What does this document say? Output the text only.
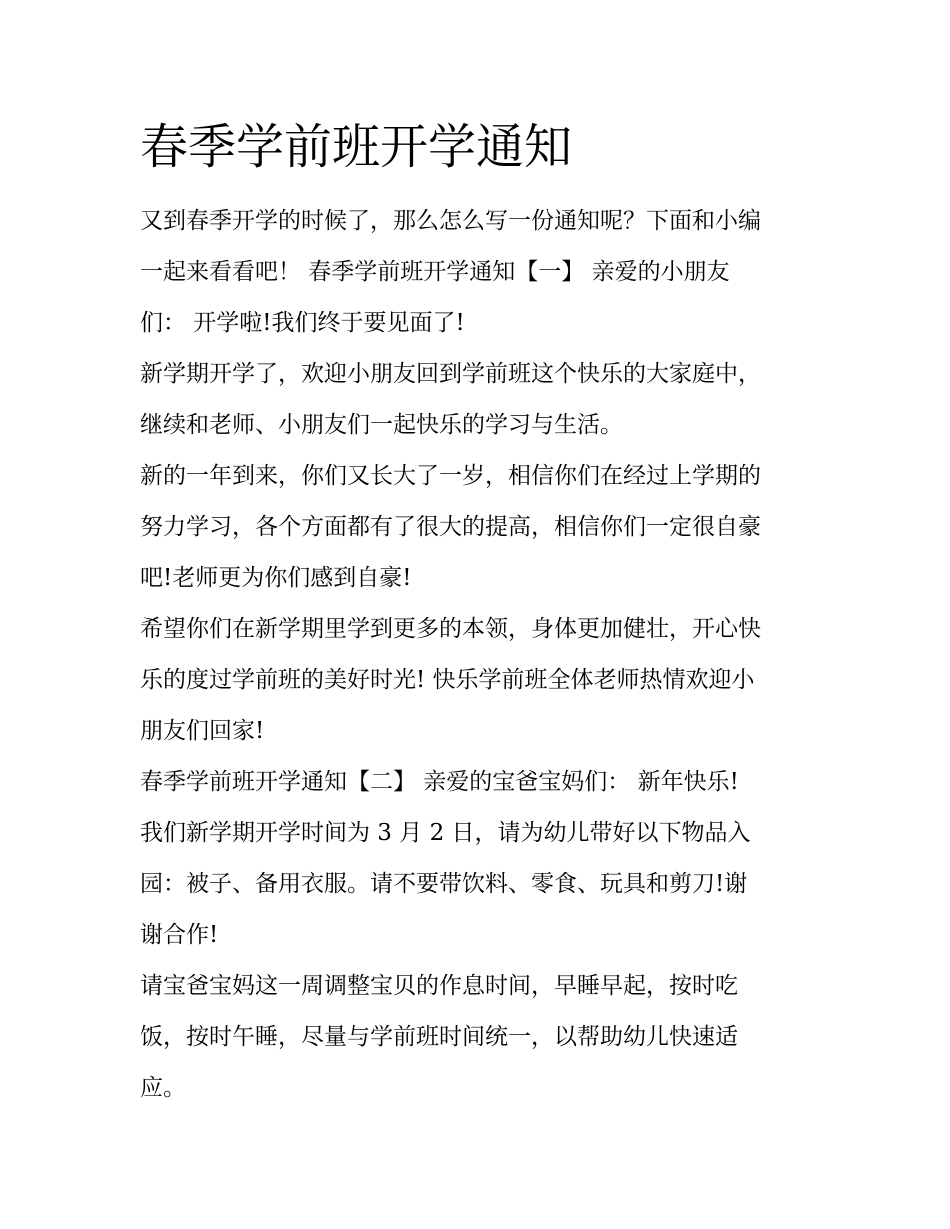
春季学前班开学通知

又到春季开学的时候了，那么怎么写一份通知呢？下面和小编

一起来看看吧！ 春季学前班开学通知【一】 亲爱的小朋友

们： 开学啦!我们终于要见面了!

新学期开学了，欢迎小朋友回到学前班这个快乐的大家庭中，

继续和老师、小朋友们一起快乐的学习与生活。

新的一年到来，你们又长大了一岁，相信你们在经过上学期的

努力学习，各个方面都有了很大的提高，相信你们一定很自豪

吧!老师更为你们感到自豪!

希望你们在新学期里学到更多的本领，身体更加健壮，开心快

乐的度过学前班的美好时光! 快乐学前班全体老师热情欢迎小

朋友们回家!

春季学前班开学通知【二】 亲爱的宝爸宝妈们： 新年快乐!

我们新学期开学时间为 3 月 2 日，请为幼儿带好以下物品入

园：被子、备用衣服。请不要带饮料、零食、玩具和剪刀!谢

谢合作!

请宝爸宝妈这一周调整宝贝的作息时间，早睡早起，按时吃

饭，按时午睡，尽量与学前班时间统一，以帮助幼儿快速适

应。
